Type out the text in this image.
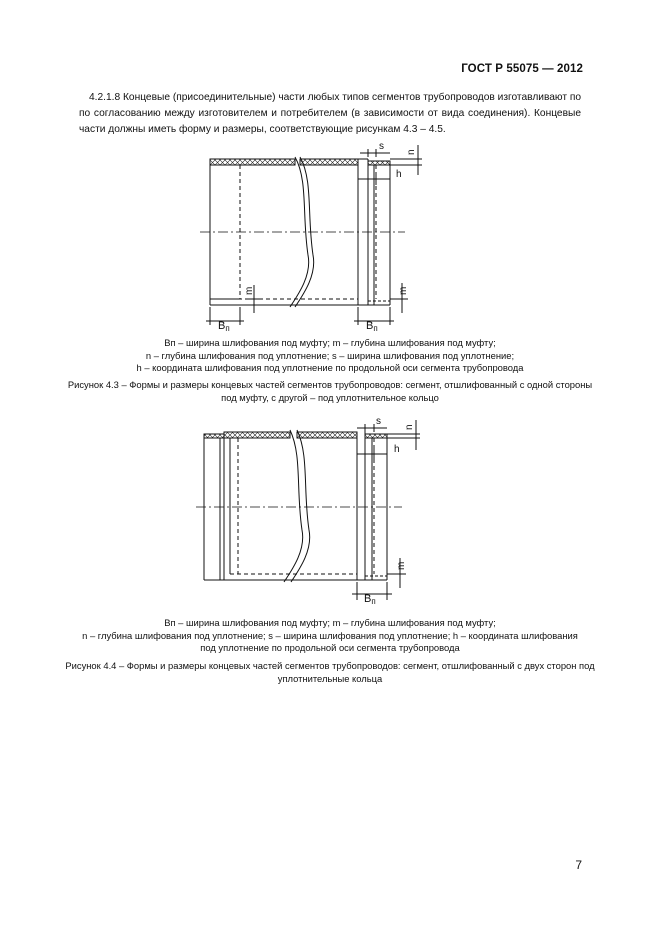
ГОСТ Р 55075 — 2012

4.2.1.8 Концевые (присоединительные) части любых типов сегментов трубопроводов изготавливают по по согласованию между изготовителем и потребителем (в зависимости от вида соединения). Концевые части должны иметь форму и размеры, соответствующие рисункам 4.3 – 4.5.

s
n
h
m	m
Bп	Bп
Bп – ширина шлифования под муфту; m – глубина шлифования под муфту;
n – глубина шлифования под уплотнение; s – ширина шлифования под уплотнение;
h – координата шлифования под уплотнение по продольной оси сегмента трубопровода
Рисунок 4.3 – Формы и размеры концевых частей сегментов трубопроводов: сегмент, отшлифованный с одной стороны под муфту, с другой – под уплотнительное кольцо
s
n
h
m
Bп
Bп – ширина шлифования под муфту; m – глубина шлифования под муфту;
n – глубина шлифования под уплотнение; s – ширина шлифования под уплотнение; h – координата шлифования
под уплотнение по продольной оси сегмента трубопровода
Рисунок 4.4 – Формы и размеры концевых частей сегментов трубопроводов: сегмент, отшлифованный с двух сторон под уплотнительные кольца
7
